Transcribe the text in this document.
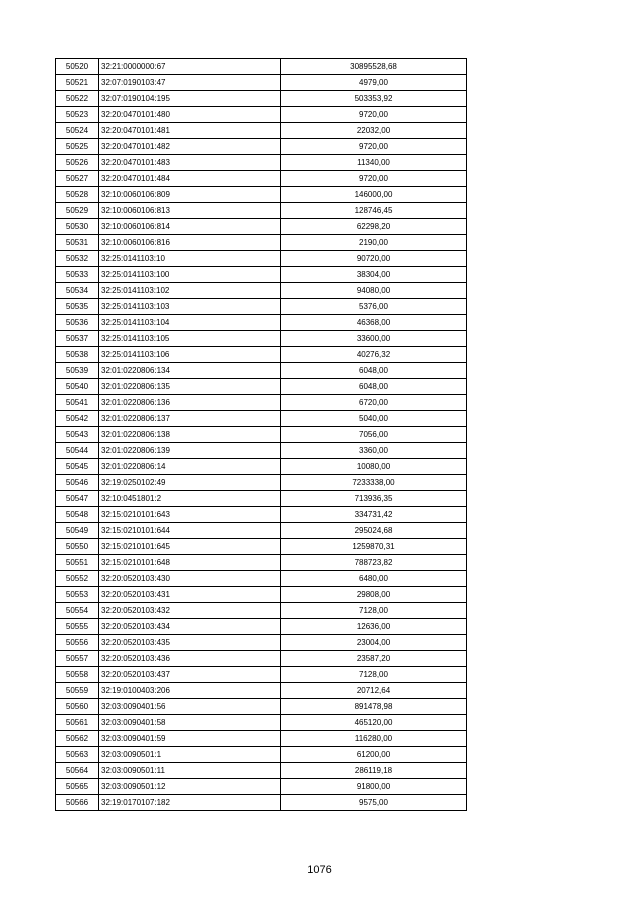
50520	32:21:0000000:67	30895528,68
50521	32:07:0190103:47	4979,00
50522	32:07:0190104:195	503353,92
50523	32:20:0470101:480	9720,00
50524	32:20:0470101:481	22032,00
50525	32:20:0470101:482	9720,00
50526	32:20:0470101:483	11340,00
50527	32:20:0470101:484	9720,00
50528	32:10:0060106:809	146000,00
50529	32:10:0060106:813	128746,45
50530	32:10:0060106:814	62298,20
50531	32:10:0060106:816	2190,00
50532	32:25:0141103:10	90720,00
50533	32:25:0141103:100	38304,00
50534	32:25:0141103:102	94080,00
50535	32:25:0141103:103	5376,00
50536	32:25:0141103:104	46368,00
50537	32:25:0141103:105	33600,00
50538	32:25:0141103:106	40276,32
50539	32:01:0220806:134	6048,00
50540	32:01:0220806:135	6048,00
50541	32:01:0220806:136	6720,00
50542	32:01:0220806:137	5040,00
50543	32:01:0220806:138	7056,00
50544	32:01:0220806:139	3360,00
50545	32:01:0220806:14	10080,00
50546	32:19:0250102:49	7233338,00
50547	32:10:0451801:2	713936,35
50548	32:15:0210101:643	334731,42
50549	32:15:0210101:644	295024,68
50550	32:15:0210101:645	1259870,31
50551	32:15:0210101:648	788723,82
50552	32:20:0520103:430	6480,00
50553	32:20:0520103:431	29808,00
50554	32:20:0520103:432	7128,00
50555	32:20:0520103:434	12636,00
50556	32:20:0520103:435	23004,00
50557	32:20:0520103:436	23587,20
50558	32:20:0520103:437	7128,00
50559	32:19:0100403:206	20712,64
50560	32:03:0090401:56	891478,98
50561	32:03:0090401:58	465120,00
50562	32:03:0090401:59	116280,00
50563	32:03:0090501:1	61200,00
50564	32:03:0090501:11	286119,18
50565	32:03:0090501:12	91800,00
50566	32:19:0170107:182	9575,00
1076
